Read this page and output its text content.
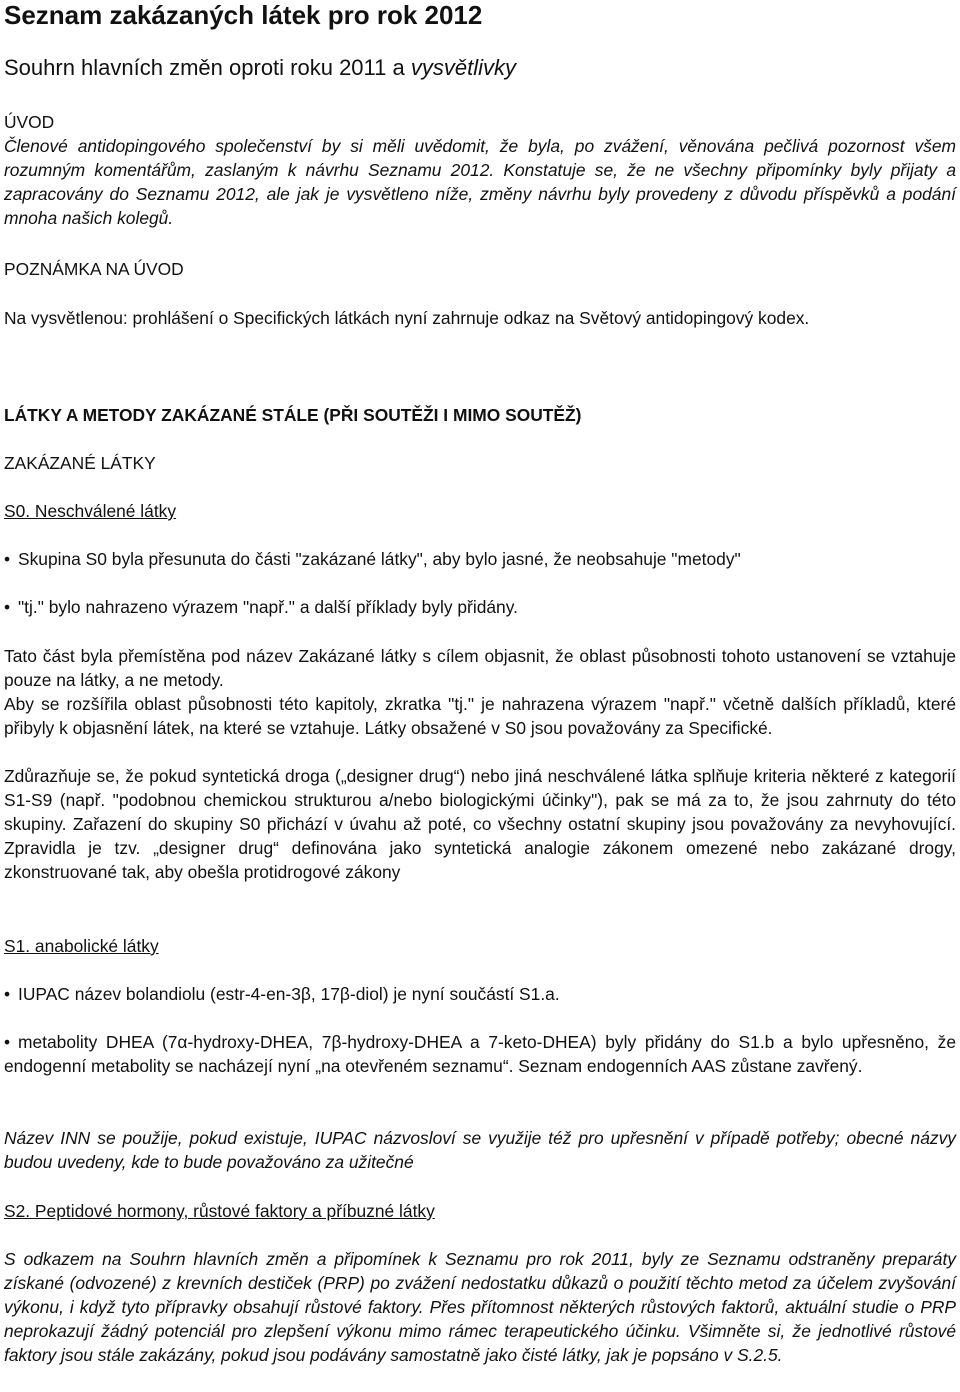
Seznam zakázaných látek pro rok 2012

Souhrn hlavních změn oproti roku 2011 a vysvětlivky

ÚVOD

Členové antidopingového společenství by si měli uvědomit, že byla, po zvážení, věnována pečlivá pozornost všem rozumným komentářům, zaslaným k návrhu Seznamu 2012. Konstatuje se, že ne všechny připomínky byly přijaty a zapracovány do Seznamu 2012, ale jak je vysvětleno níže, změny návrhu byly provedeny z důvodu příspěvků a podání mnoha našich kolegů.

POZNÁMKA NA ÚVOD

Na vysvětlenou: prohlášení o Specifických látkách nyní zahrnuje odkaz na Světový antidopingový kodex.

LÁTKY A METODY ZAKÁZANÉ STÁLE (PŘI SOUTĚŽI I MIMO SOUTĚŽ)

ZAKÁZANÉ LÁTKY

S0. Neschválené látky

• Skupina S0 byla přesunuta do části "zakázané látky", aby bylo jasné, že neobsahuje "metody"

• "tj." bylo nahrazeno výrazem "např." a další příklady byly přidány.

Tato část byla přemístěna pod název Zakázané látky s cílem objasnit, že oblast působnosti tohoto ustanovení se vztahuje pouze na látky, a ne metody.

Aby se rozšířila oblast působnosti této kapitoly, zkratka "tj." je nahrazena výrazem "např." včetně dalších příkladů, které přibyly k objasnění látek, na které se vztahuje. Látky obsažené v S0 jsou považovány za Specifické.

Zdůrazňuje se, že pokud syntetická droga („designer drug“) nebo jiná neschválené látka splňuje kriteria některé z kategorií S1-S9 (např. "podobnou chemickou strukturou a/nebo biologickými účinky"), pak se má za to, že jsou zahrnuty do této skupiny. Zařazení do skupiny S0 přichází v úvahu až poté, co všechny ostatní skupiny jsou považovány za nevyhovující. Zpravidla je tzv. „designer drug“ definována jako syntetická analogie zákonem omezené nebo zakázané drogy, zkonstruované tak, aby obešla protidrogové zákony

S1. anabolické látky

• IUPAC název bolandiolu (estr-4-en-3β, 17β-diol) je nyní součástí S1.a.

• metabolity DHEA (7α-hydroxy-DHEA, 7β-hydroxy-DHEA a 7-keto-DHEA) byly přidány do S1.b a bylo upřesněno, že endogenní metabolity se nacházejí nyní „na otevřeném seznamu“. Seznam endogenních AAS zůstane zavřený.

Název INN se použije, pokud existuje, IUPAC názvosloví se využije též pro upřesnění v případě potřeby; obecné názvy budou uvedeny, kde to bude považováno za užitečné

S2. Peptidové hormony, růstové faktory a příbuzné látky

S odkazem na Souhrn hlavních změn a připomínek k Seznamu pro rok 2011, byly ze Seznamu odstraněny preparáty získané (odvozené) z krevních destiček (PRP) po zvážení nedostatku důkazů o použití těchto metod za účelem zvyšování výkonu, i když tyto přípravky obsahují růstové faktory. Přes přítomnost některých růstových faktorů, aktuální studie o PRP neprokazují žádný potenciál pro zlepšení výkonu mimo rámec terapeutického účinku. Všimněte si, že jednotlivé růstové faktory jsou stále zakázány, pokud jsou podávány samostatně jako čisté látky, jak je popsáno v S.2.5.
